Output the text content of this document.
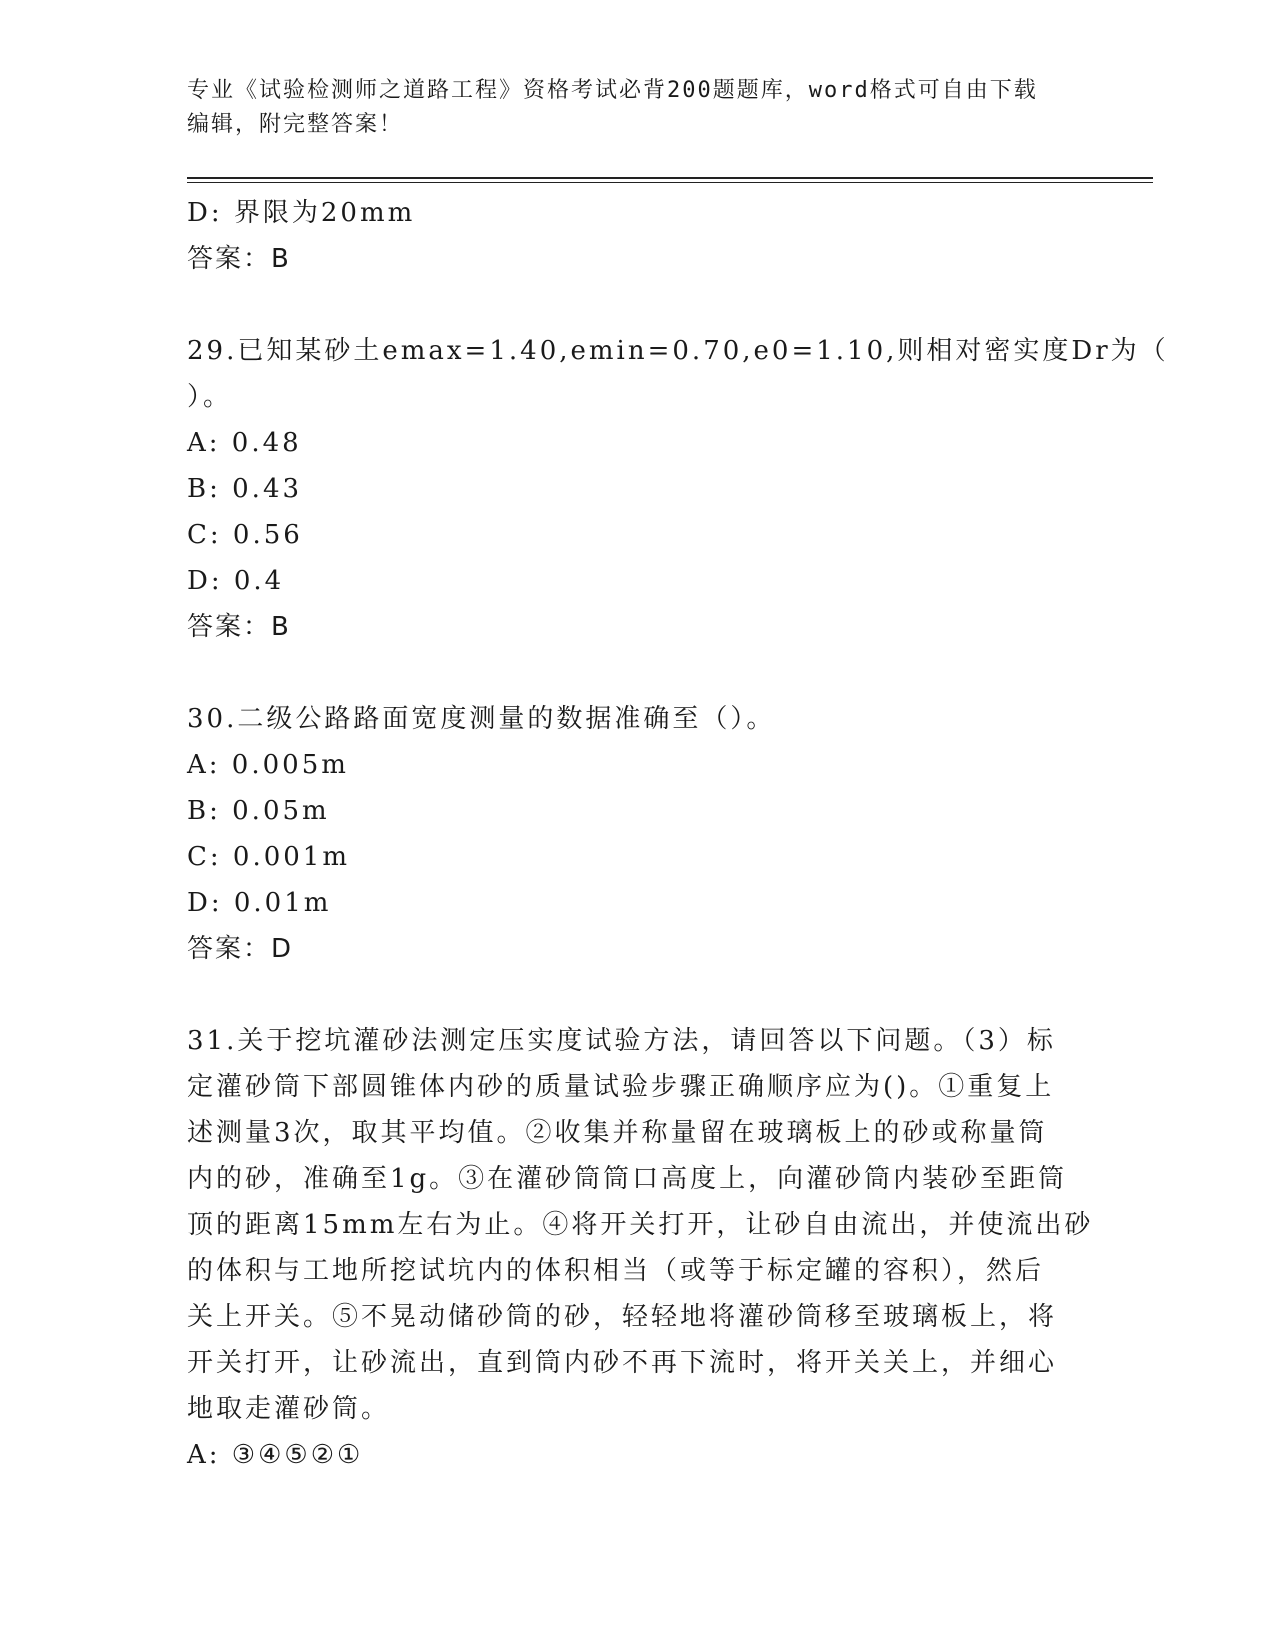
专业《试验检测师之道路工程》资格考试必背200题题库，word格式可自由下载
编辑，附完整答案！
D: 界限为20mm
答案：B
29.已知某砂土emax=1.40,emin=0.70,e0=1.10,则相对密实度Dr为（
）。
A: 0.48
B: 0.43
C: 0.56
D: 0.4
答案：B
30.二级公路路面宽度测量的数据准确至（）。
A: 0.005m
B: 0.05m
C: 0.001m
D: 0.01m
答案：D
31.关于挖坑灌砂法测定压实度试验方法，请回答以下问题。（3）标
定灌砂筒下部圆锥体内砂的质量试验步骤正确顺序应为()。①重复上
述测量3次，取其平均值。②收集并称量留在玻璃板上的砂或称量筒
内的砂，准确至1g。③在灌砂筒筒口高度上，向灌砂筒内装砂至距筒
顶的距离15mm左右为止。④将开关打开，让砂自由流出，并使流出砂
的体积与工地所挖试坑内的体积相当（或等于标定罐的容积），然后
关上开关。⑤不晃动储砂筒的砂，轻轻地将灌砂筒移至玻璃板上，将
开关打开，让砂流出，直到筒内砂不再下流时，将开关关上，并细心
地取走灌砂筒。
A: ③④⑤②①
